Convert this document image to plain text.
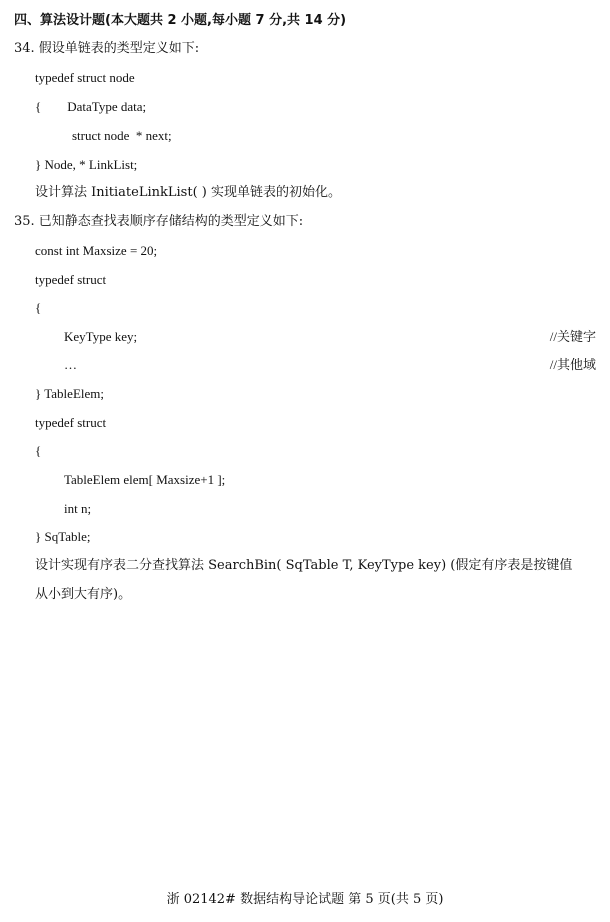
四、算法设计题(本大题共 2 小题,每小题 7 分,共 14 分)
34. 假设单链表的类型定义如下:
typedef struct node
{        DataType data;
struct node  * next;
} Node, * LinkList;
设计算法 InitiateLinkList( ) 实现单链表的初始化。
35. 已知静态查找表顺序存储结构的类型定义如下:
const int Maxsize = 20;
typedef struct
{
KeyType key;	//关键字
…	//其他域
} TableElem;
typedef struct
{
TableElem elem[ Maxsize+1 ];
int n;
} SqTable;
设计实现有序表二分查找算法 SearchBin( SqTable T, KeyType key) (假定有序表是按键值
从小到大有序)。
浙 02142# 数据结构导论试题 第 5 页(共 5 页)
